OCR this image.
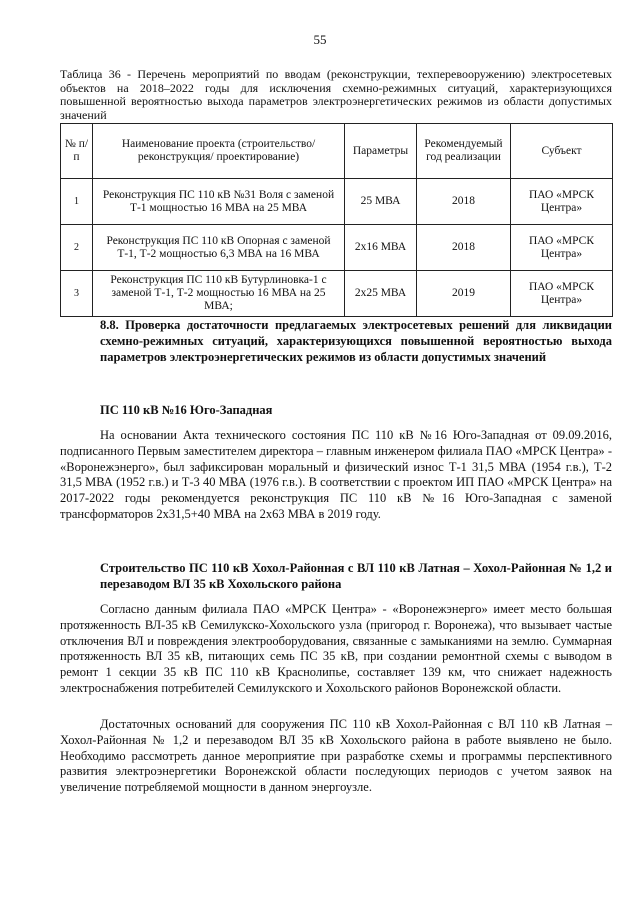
55
Таблица 36 - Перечень мероприятий по вводам (реконструкции, техперевооружению) электросетевых объектов на 2018–2022 годы для исключения схемно-режимных ситуаций, характеризующихся повышенной вероятностью выхода параметров электроэнергетических режимов из области допустимых значений
№ п/п	Наименование проекта (строительство/реконструкция/ проектирование)	Параметры	Рекомендуемый год реализации	Субъект
1	Реконструкция ПС 110 кВ №31 Воля с заменой Т-1 мощностью 16 МВА на 25 МВА	25 МВА	2018	ПАО «МРСК Центра»
2	Реконструкция ПС 110 кВ Опорная с заменой Т-1, Т-2 мощностью 6,3 МВА на 16 МВА	2х16 МВА	2018	ПАО «МРСК Центра»
3	Реконструкция ПС 110 кВ Бутурлиновка-1 с заменой Т-1, Т-2 мощностью 16 МВА на 25 МВА;	2х25 МВА	2019	ПАО «МРСК Центра»
8.8. Проверка достаточности предлагаемых электросетевых решений для ликвидации схемно-режимных ситуаций, характеризующихся повышенной вероятностью выхода параметров электроэнергетических режимов из области допустимых значений
ПС 110 кВ №16 Юго-Западная
На основании Акта технического состояния ПС 110 кВ №16 Юго-Западная от 09.09.2016, подписанного Первым заместителем директора – главным инженером филиала ПАО «МРСК Центра» - «Воронежэнерго», был зафиксирован моральный и физический износ Т-1 31,5 МВА (1954 г.в.), Т-2 31,5 МВА (1952 г.в.) и Т-3 40 МВА (1976 г.в.). В соответствии с проектом ИП ПАО «МРСК Центра» на 2017-2022 годы рекомендуется реконструкция ПС 110 кВ №16 Юго-Западная с заменой трансформаторов 2х31,5+40 МВА на 2х63 МВА в 2019 году.
Строительство ПС 110 кВ Хохол-Районная с ВЛ 110 кВ Латная – Хохол-Районная № 1,2 и перезаводом ВЛ 35 кВ Хохольского района
Согласно данным филиала ПАО «МРСК Центра» - «Воронежэнерго» имеет место большая протяженность ВЛ-35 кВ Семилукско-Хохольского узла (пригород г. Воронежа), что вызывает частые отключения ВЛ и повреждения электрооборудования, связанные с замыканиями на землю. Суммарная протяженность ВЛ 35 кВ, питающих семь ПС 35 кВ, при создании ремонтной схемы с выводом в ремонт 1 секции 35 кВ ПС 110 кВ Краснолипье, составляет 139 км, что снижает надежность электроснабжения потребителей Семилукского и Хохольского районов Воронежской области.
Достаточных оснований для сооружения ПС 110 кВ Хохол-Районная с ВЛ 110 кВ Латная – Хохол-Районная № 1,2 и перезаводом ВЛ 35 кВ Хохольского района в работе выявлено не было. Необходимо рассмотреть данное мероприятие при разработке схемы и программы перспективного развития электроэнергетики Воронежской области последующих периодов с учетом заявок на увеличение потребляемой мощности в данном энергоузле.
